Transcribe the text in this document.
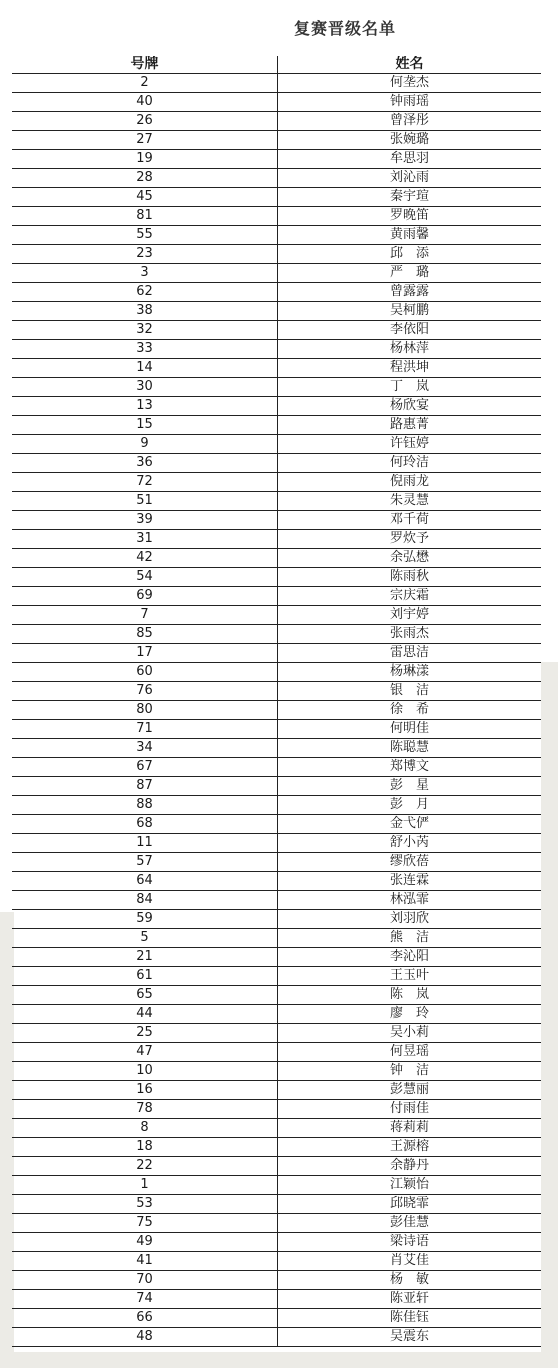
复赛晋级名单
号牌	姓名
2	何垄杰
40	钟雨瑶
26	曾泽彤
27	张婉璐
19	牟思羽
28	刘沁雨
45	秦宇瑄
81	罗晚笛
55	黄雨馨
23	邱　添
3	严　璐
62	曾露露
38	吴柯鹏
32	李依阳
33	杨林萍
14	程洪坤
30	丁　岚
13	杨欣宴
15	路惠菁
9	许钰婷
36	何玲洁
72	倪雨龙
51	朱灵慧
39	邓千荷
31	罗炊予
42	余弘懋
54	陈雨秋
69	宗庆霜
7	刘宇婷
85	张雨杰
17	雷思洁
60	杨琳漾
76	银　洁
80	徐　希
71	何明佳
34	陈聪慧
67	郑博文
87	彭　星
88	彭　月
68	金弋俨
11	舒小芮
57	缪欣蓓
64	张连霖
84	林泓霏
59	刘羽欣
5	熊　洁
21	李沁阳
61	王玉叶
65	陈　岚
44	廖　玲
25	吴小莉
47	何昱瑶
10	钟　洁
16	彭慧丽
78	付雨佳
8	蒋莉莉
18	王源榕
22	余静丹
1	江颖怡
53	邱晓霏
75	彭佳慧
49	梁诗语
41	肖艾佳
70	杨　敏
74	陈亚轩
66	陈佳钰
48	吴震东
